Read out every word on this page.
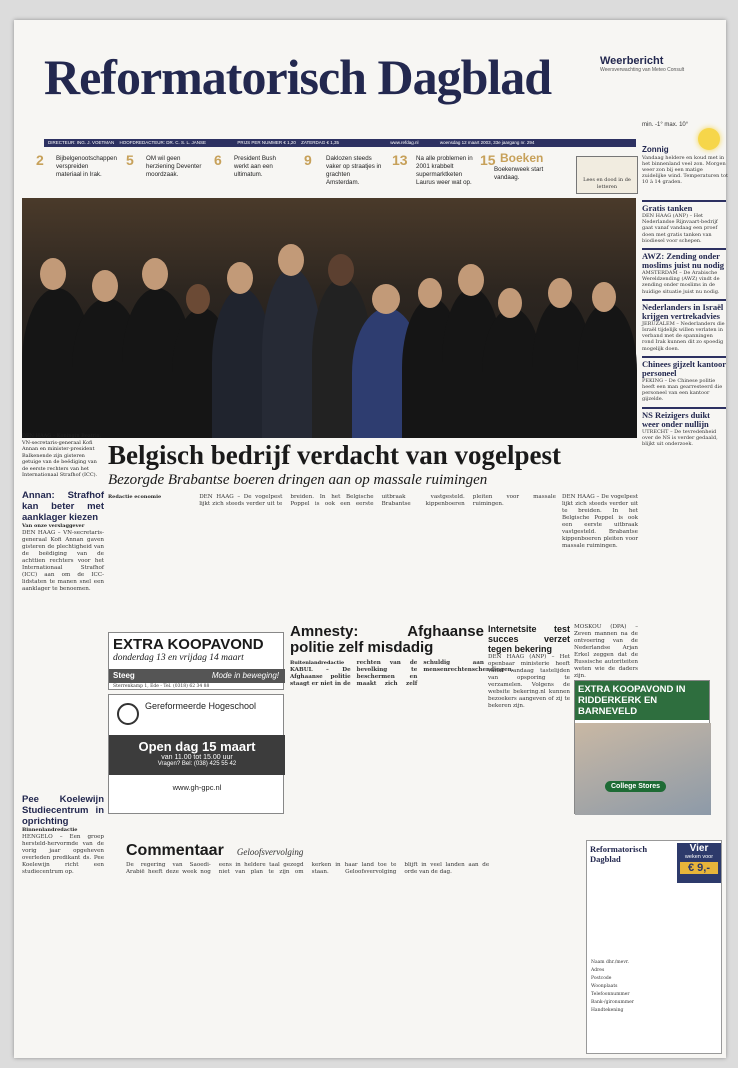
Reformatorisch Dagblad	Weerbericht
Weersverwachting van Meteo Consult
min. -1° max. 10°
Zonnig
Vandaag heldere en koud met in het binnenland veel zon. Morgen weer zon bij een matige zuidelijke wind. Temperaturen tot 10 à 14 graden.
DIRECTEUR: ING. J. VOETMAN HOOFDREDACTEUR: DR. C. S. L. JANSE	PRIJS PER NUMMER € 1,20 ZATERDAG € 1,35	www.refdag.nl	woensdag 12 maart 2003, 33e jaargang nr. 294
2 Bijbelgenootschappen verspreiden materiaal in Irak.
5 OM wil geen herziening Deventer moordzaak.
6 President Bush werkt aan een ultimatum.
9 Daklozen steeds vaker op straatjes in grachten Amsterdam.
13 Na alle problemen in 2001 krabbelt supermarktketen Laurus weer wat op.
15 Boeken
Boekenweek start vandaag.	Lees en dood in de letteren
DEN HAAG – Koningin Beatrix, VN-secretaris-generaal Kofi Annan en minister-president Balkenende zijn gisteren getuige van de beëdiging van de eerste rechters van het Internationaal Strafhof (ICC).
Belgisch bedrijf verdacht van vogelpest
Bezorgde Brabantse boeren dringen aan op massale ruimingen
Annan: Strafhof kan beter met aanklager kiezen
Van onze verslaggever
DEN HAAG – VN-secretaris-generaal Kofi Annan gaven gisteren de plechtigheid van de beëdiging van de achttien rechters voor het Internationaal Strafhof (ICC) aan om de ICC-lidstaten te manen snel een aanklager te benoemen.
Pee Koelewijn Studiecentrum in oprichting
Binnenlandredactie
HENGELO – Een groep hersteld-hervormde van de vorig jaar opgeheven overleden predikant ds. Pee Koelewijn richt een studiecentrum op.
Redactie economie	DEN HAAG – De vogelpest lijkt zich steeds verder uit te breiden. In het Belgische Poppel is ook een eerste uitbraak vastgesteld. Brabantse kippenboeren pleiten voor massale ruimingen.
DEN HAAG – De vogelpest lijkt zich steeds verder uit te breiden. In het Belgische Poppel is ook een eerste uitbraak vastgesteld. Brabantse kippenboeren pleiten voor massale ruimingen.
EXTRA KOOPAVOND
donderdag 13 en vrijdag 14 maart
Steeg	Mode in beweging!
Sterrenkamp 1, Ede - Tel. (0318) 62 34 88
Gereformeerde Hogeschool
Open dag 15 maart
van 11.00 tot 15.00 uur
Vragen? Bel: (038) 425 55 42
www.gh-gpc.nl
Amnesty: Afghaanse politie zelf misdadig
Buitenlandredactie
KABUL – De Afghaanse politie staagt er niet in de rechten van de bevolking te beschermen en maakt zich zelf schuldig aan mensenrechtenschendingen.
Internetsite test succes verzet tegen bekering
DEN HAAG (ANP) – Het openbaar ministerie heeft vanaf vandaag tastelijden van opsporing te verzamelen. Volgens de website bekering.nl kunnen bezoekers aangeven of zij te bekeren zijn.
MOSKOU (DPA) – Zeven mannen na de ontvoering van de Nederlandse Arjan Erkel zeggen dat de Russische autoriteiten weten wie de daders zijn.
EXTRA KOOPAVOND IN RIDDERKERK EN BARNEVELD
College Stores
Commentaar Geloofsvervolging
De regering van Saoedi-Arabië heeft deze week nog eens in heldere taal gezegd niet van plan te zijn om kerken in haar land toe te staan. Geloofsvervolging blijft in veel landen aan de orde van de dag.
Reformatorisch Dagblad
Vier
weken voor
€ 9,-
Naam dhr./mevr.
Adres
Postcode
Woonplaats
Telefoonnummer
Bank-/gironummer
Handtekening
Gratis tanken
DEN HAAG (ANP) – Het Nederlandse Rijnvaart-bedrijf gaat vanaf vandaag een proef doen met gratis tanken van biodiesel voor schepen.
AWZ: Zending onder moslims juist nu nodig
AMSTERDAM – De Arabische Wereldzending (AWZ) vindt de zending onder moslims in de huidige situatie juist nu nodig.
Nederlanders in Israël krijgen vertrekadvies
JERUZALEM – Nederlanders die Israël tijdelijk willen verlaten in verband met de spanningen rond Irak kunnen dit zo spoedig mogelijk doen.
Chinees gijzelt kantoor personeel
PEKING – De Chinese politie heeft een man gearresteerd die personeel van een kantoor gijzelde.
NS Reizigers duikt weer onder nullijn
UTRECHT – De tevredenheid over de NS is verder gedaald, blijkt uit onderzoek.
